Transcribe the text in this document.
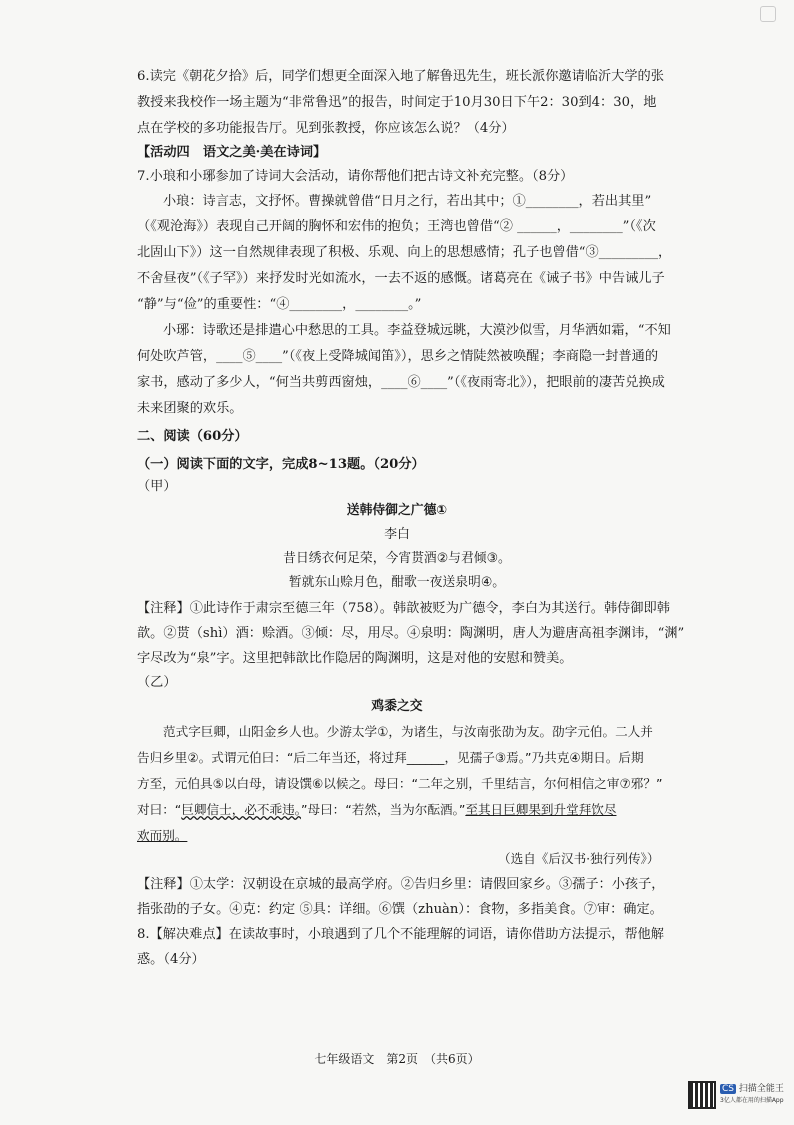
6.读完《朝花夕拾》后，同学们想更全面深入地了解鲁迅先生，班长派你邀请临沂大学的张
教授来我校作一场主题为“非常鲁迅”的报告，时间定于10月30日下午2：30到4：30，地
点在学校的多功能报告厅。见到张教授，你应该怎么说？（4分）
【活动四　语文之美·美在诗词】
7.小琅和小琊参加了诗词大会活动，请你帮他们把古诗文补充完整。（8分）
小琅：诗言志，文抒怀。曹操就曾借“日月之行，若出其中；①________，若出其里”
（《观沧海》）表现自己开阔的胸怀和宏伟的抱负；王湾也曾借“② ______，________”（《次
北固山下》）这一自然规律表现了积极、乐观、向上的思想感情；孔子也曾借“③_________，
不舍昼夜”（《子罕》）来抒发时光如流水，一去不返的感慨。诸葛亮在《诫子书》中告诫儿子
“静”与“俭”的重要性：“④________，________。”
小琊：诗歌还是排遣心中愁思的工具。李益登城远眺，大漠沙似雪，月华洒如霜，“不知
何处吹芦管，____⑤____”（《夜上受降城闻笛》），思乡之情陡然被唤醒；李商隐一封普通的
家书，感动了多少人，“何当共剪西窗烛，____⑥____”（《夜雨寄北》），把眼前的凄苦兑换成
未来团聚的欢乐。
二、阅读（60分）
（一）阅读下面的文字，完成8~13题。（20分）
（甲）
送韩侍御之广德①
李白
昔日绣衣何足荣，今宵贳酒②与君倾③。
暂就东山赊月色，酣歌一夜送泉明④。
【注释】①此诗作于肃宗至德三年（758）。韩歆被贬为广德令，李白为其送行。韩侍御即韩
歆。②贳（shì）酒：赊酒。③倾：尽，用尽。④泉明：陶渊明，唐人为避唐高祖李渊讳，“渊”
字尽改为“泉”字。这里把韩歆比作隐居的陶渊明，这是对他的安慰和赞美。
（乙）
鸡黍之交
范式字巨卿，山阳金乡人也。少游太学①，为诸生，与汝南张劭为友。劭字元伯。二人并
告归乡里②。式谓元伯曰：“后二年当还，将过拜______，见孺子③焉。”乃共克④期日。后期
方至，元伯具⑤以白母，请设馔⑥以候之。母曰：“二年之别，千里结言，尔何相信之审⑦邪？”
对曰：“巨卿信士，必不乖违。”母曰：“若然，当为尔酝酒。”至其日巨卿果到升堂拜饮尽
欢而别。
（选自《后汉书·独行列传》）
【注释】①太学：汉朝设在京城的最高学府。②告归乡里：请假回家乡。③孺子：小孩子，
指张劭的子女。④克：约定 ⑤具：详细。⑥馔（zhuàn）：食物，多指美食。⑦审：确定。
8.【解决难点】在读故事时，小琅遇到了几个不能理解的词语，请你借助方法提示，帮他解
惑。（4分）
七年级语文　第2页　（共6页）
CS 扫描全能王
3亿人都在用的扫描App
